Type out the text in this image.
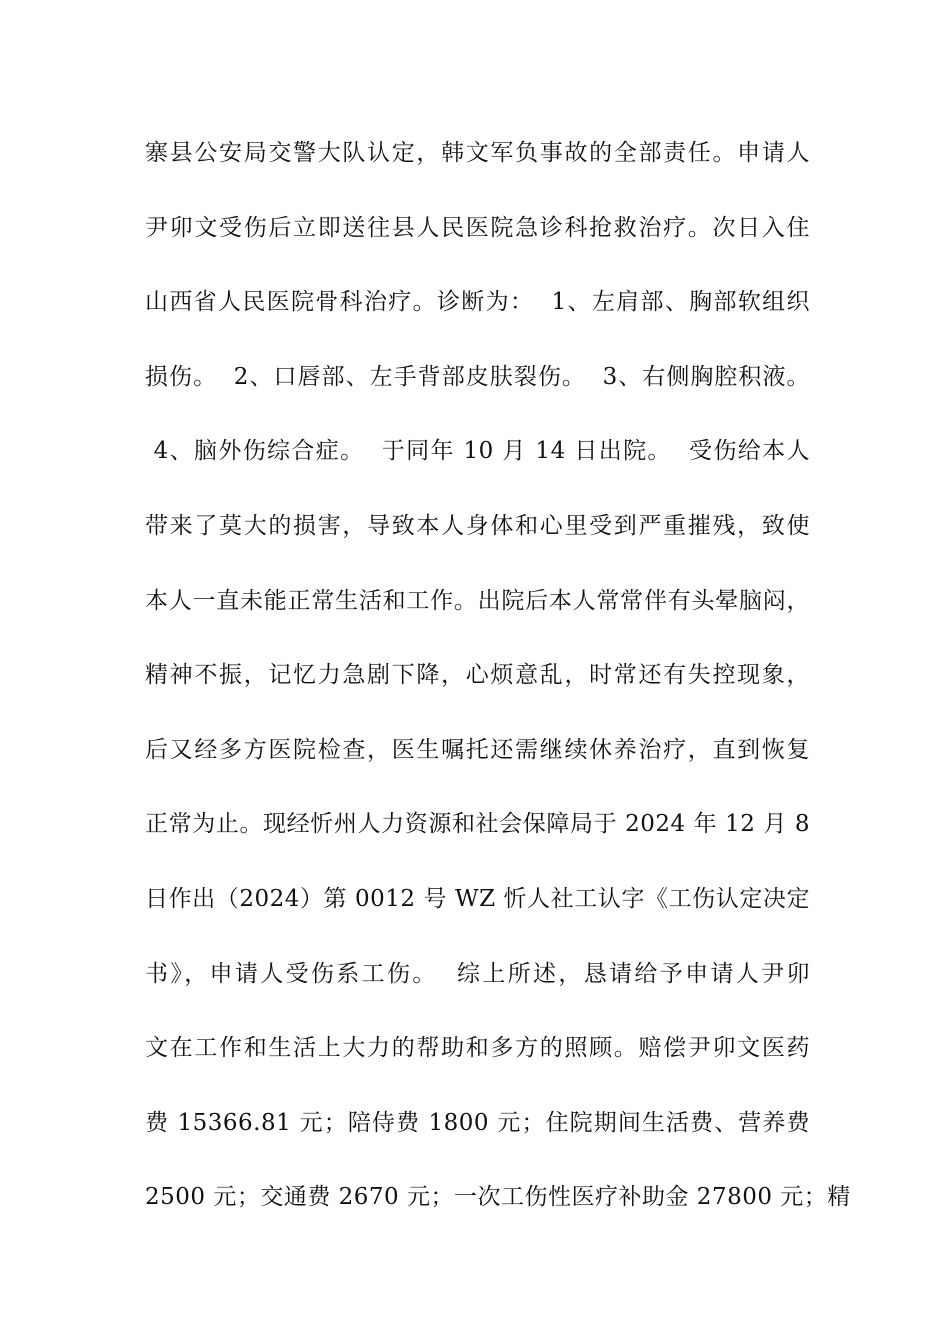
寨县公安局交警大队认定，韩文军负事故的全部责任。申请人
尹卯文受伤后立即送往县人民医院急诊科抢救治疗。次日入住
山西省人民医院骨科治疗。诊断为：  1、左肩部、胸部软组织
损伤。  2、口唇部、左手背部皮肤裂伤。  3、右侧胸腔积液。
4、脑外伤综合症。  于同年 10 月 14 日出院。  受伤给本人
带来了莫大的损害，导致本人身体和心里受到严重摧残，致使
本人一直未能正常生活和工作。出院后本人常常伴有头晕脑闷，
精神不振，记忆力急剧下降，心烦意乱，时常还有失控现象，
后又经多方医院检查，医生嘱托还需继续休养治疗，直到恢复
正常为止。现经忻州人力资源和社会保障局于 2024 年 12 月 8
日作出（2024）第 0012 号 WZ 忻人社工认字《工伤认定决定
书》，申请人受伤系工伤。  综上所述，恳请给予申请人尹卯
文在工作和生活上大力的帮助和多方的照顾。赔偿尹卯文医药
费 15366.81 元；陪侍费 1800 元；住院期间生活费、营养费
2500 元；交通费 2670 元；一次工伤性医疗补助金 27800 元；精
